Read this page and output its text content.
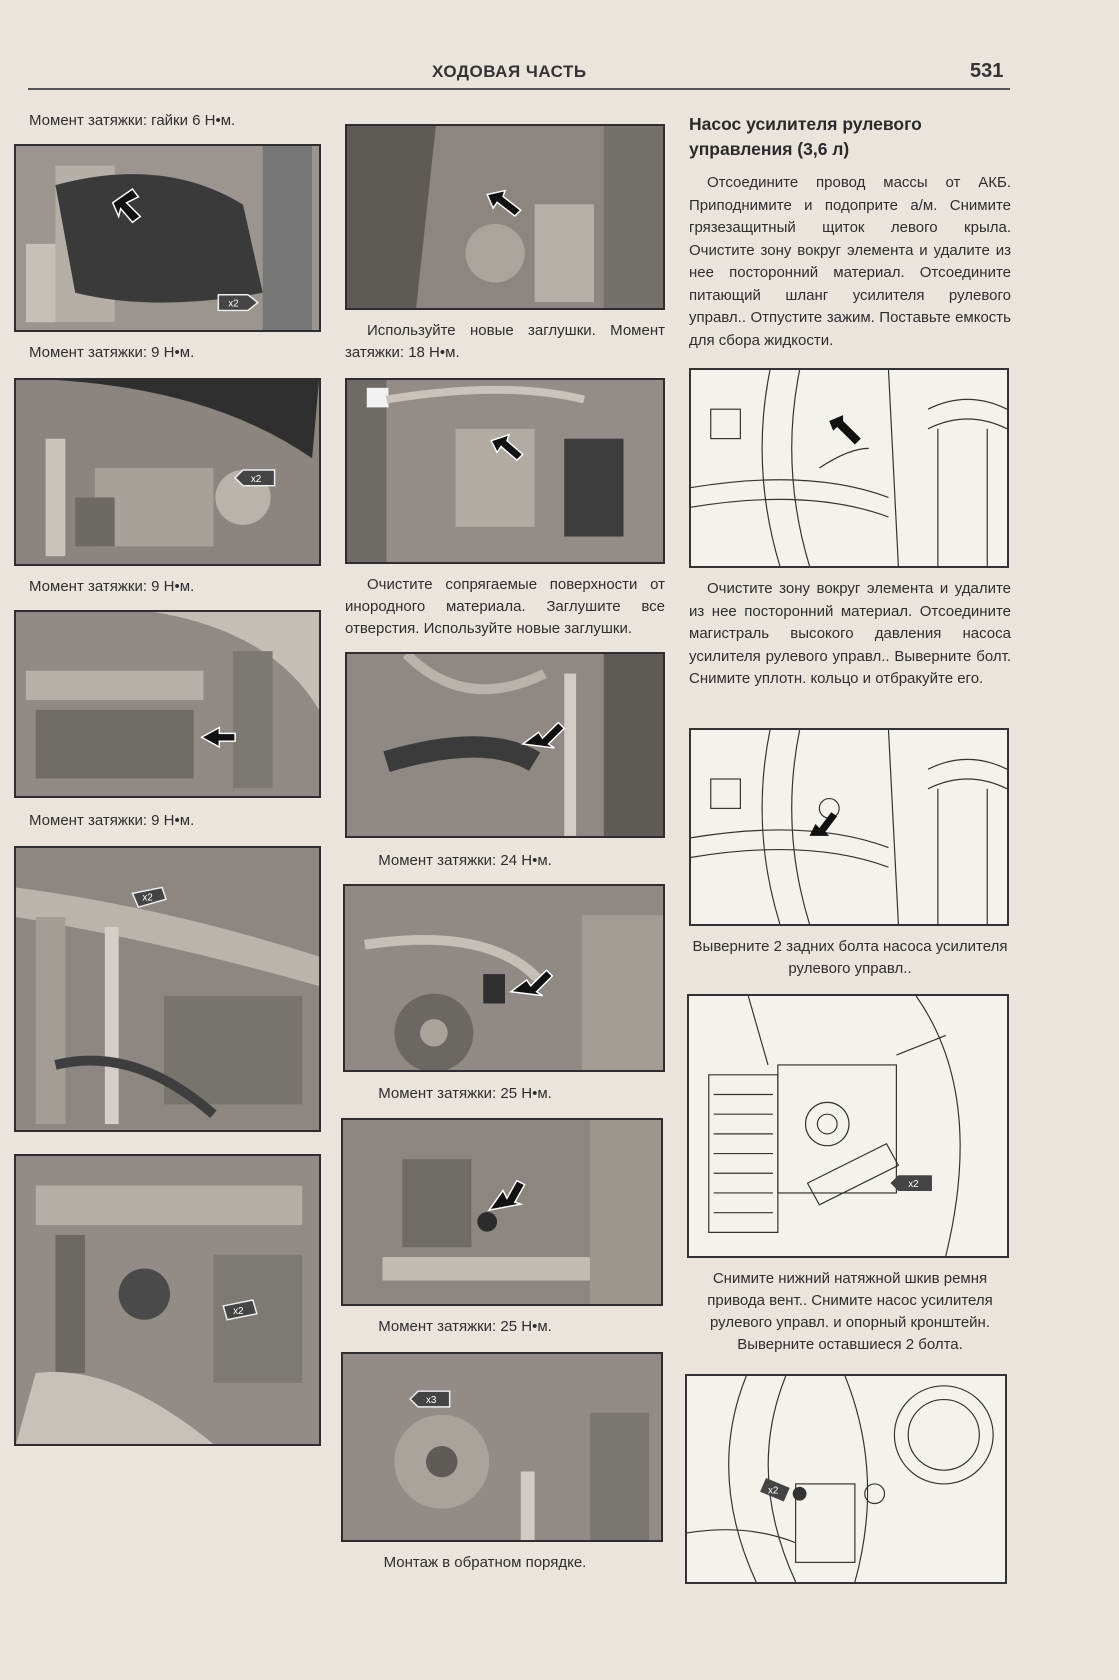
ХОДОВАЯ ЧАСТЬ	531
Момент затяжки: гайки 6 Н•м.
x2
Момент затяжки: 9 Н•м.
x2
Момент затяжки: 9 Н•м.
Момент затяжки: 9 Н•м.
x2
x2
Используйте новые заглушки. Момент затяжки: 18 Н•м.
Очистите сопрягаемые поверхности от инородного материала. Заглушите все отверстия. Используйте новые заглушки.
Момент затяжки: 24 Н•м.
Момент затяжки: 25 Н•м.
Момент затяжки: 25 Н•м.
x3
Монтаж в обратном порядке.
Насос усилителя рулевого управления (3,6 л)
Отсоедините провод массы от АКБ. Приподнимите и подоприте а/м. Снимите грязезащитный щиток левого крыла. Очистите зону вокруг элемента и удалите из нее посторонний материал. Отсоедините питающий шланг усилителя рулевого управл.. Отпустите зажим. Поставьте емкость для сборa жидкости.
Очистите зону вокруг элемента и удалите из нее посторонний материал. Отсоедините магистраль высокого давления насоса усилителя рулевого управл.. Выверните болт. Снимите уплотн. кольцо и отбракуйте его.
Выверните 2 задних болта насоса усилителя рулевого управл..
x2
Снимите нижний натяжной шкив ремня привода вент.. Снимите насос усилителя рулевого управл. и опорный кронштейн. Выверните оставшиеся 2 болта.
x2
